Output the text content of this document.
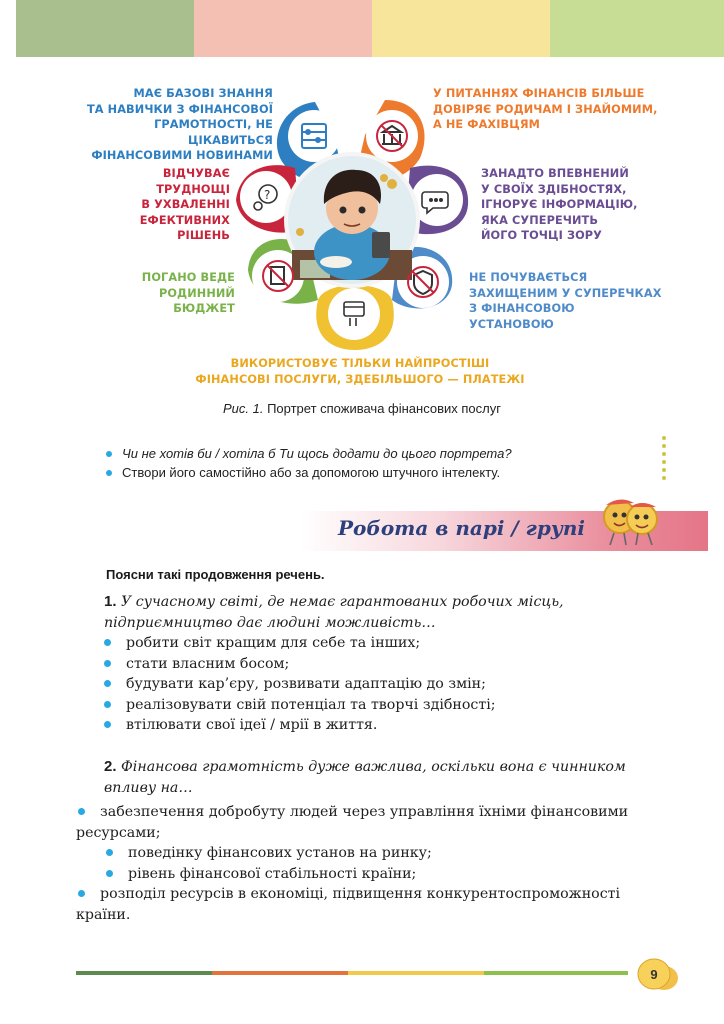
?
МАЄ БАЗОВІ ЗНАННЯ
ТА НАВИЧКИ З ФІНАНСОВОЇ
ГРАМОТНОСТІ, НЕ ЦІКАВИТЬСЯ
ФІНАНСОВИМИ НОВИНАМИ
У ПИТАННЯХ ФІНАНСІВ БІЛЬШЕ
ДОВІРЯЄ РОДИЧАМ І ЗНАЙОМИМ,
А НЕ ФАХІВЦЯМ
ВІДЧУВАЄ
ТРУДНОЩІ
В УХВАЛЕННІ
ЕФЕКТИВНИХ
РІШЕНЬ
ЗАНАДТО ВПЕВНЕНИЙ
У СВОЇХ ЗДІБНОСТЯХ,
ІГНОРУЄ ІНФОРМАЦІЮ,
ЯКА СУПЕРЕЧИТЬ
ЙОГО ТОЧЦІ ЗОРУ
ПОГАНО ВЕДЕ
РОДИННИЙ
БЮДЖЕТ
НЕ ПОЧУВАЄТЬСЯ
ЗАХИЩЕНИМ У СУПЕРЕЧКАХ
З ФІНАНСОВОЮ
УСТАНОВОЮ
ВИКОРИСТОВУЄ ТІЛЬКИ НАЙПРОСТІШІ
ФІНАНСОВІ ПОСЛУГИ, ЗДЕБІЛЬШОГО — ПЛАТЕЖІ
Рис. 1. Портрет споживача фінансових послуг
Чи не хотів би / хотіла б Ти щось додати до цього портрета?
Створи його самостійно або за допомогою штучного інтелекту.
Робота в парі / групі
Поясни такі продовження речень.
1. У сучасному світі, де немає гарантованих робочих місць, підприємництво дає людині можливість…
робити світ кращим для себе та інших;
стати власним босом;
будувати кар’єру, розвивати адаптацію до змін;
реалізовувати свій потенціал та творчі здібності;
втілювати свої ідеї / мрії в життя.
2. Фінансова грамотність дуже важлива, оскільки вона є чинником впливу на…
забезпечення добробуту людей через управління їхніми фінансовими ресурсами;
поведінку фінансових установ на ринку;
рівень фінансової стабільності країни;
розподіл ресурсів в економіці, підвищення конкурентоспроможності країни.
9
